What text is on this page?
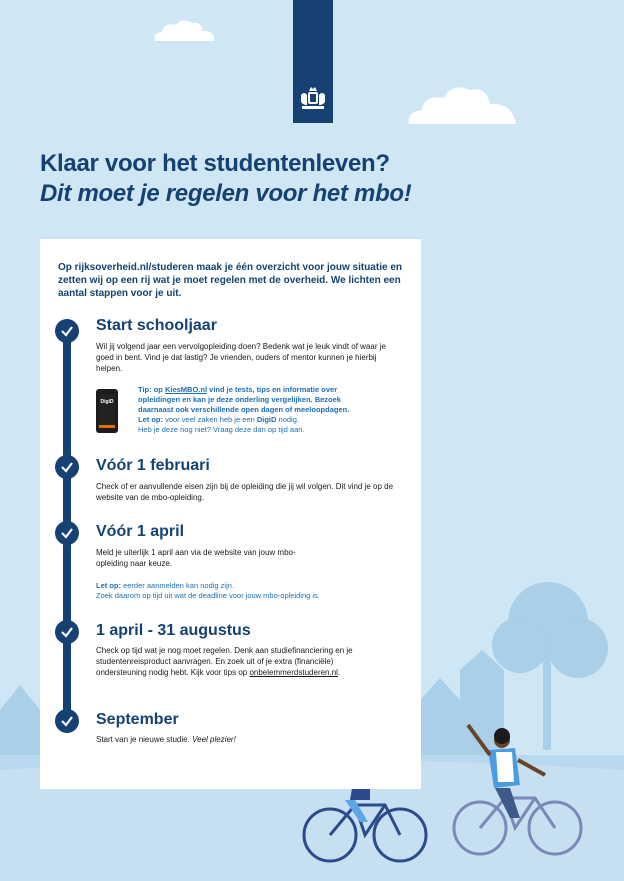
Klaar voor het studentenleven?
Dit moet je regelen voor het mbo!
Op rijksoverheid.nl/studeren maak je één overzicht voor jouw situatie en zetten wij op een rij wat je moet regelen met de overheid. We lichten een aantal stappen voor je uit.
Start schooljaar
Wil jij volgend jaar een vervolgopleiding doen? Bedenk wat je leuk vindt of waar je goed in bent. Vind je dat lastig? Je vrienden, ouders of mentor kunnen je hierbij helpen.
DigiD
Tip: op KiesMBO.nl vind je tests, tips en informatie over opleidingen en kan je deze onderling vergelijken. Bezoek daarnaast ook verschillende open dagen of meeloopdagen.
Let op: voor veel zaken heb je een DigiD nodig.
Heb je deze nog niet? Vraag deze dan op tijd aan.
Vóór 1 februari
Check of er aanvullende eisen zijn bij de opleiding die jij wil volgen. Dit vind je op de website van de mbo-opleiding.
Vóór 1 april
Meld je uiterlijk 1 april aan via de website van jouw mbo-opleiding naar keuze.
Let op: eerder aanmelden kan nodig zijn.
Zoek daarom op tijd uit wat de deadline voor jouw mbo-opleiding is.
1 april - 31 augustus
Check op tijd wat je nog moet regelen. Denk aan studiefinanciering en je studentenreisproduct aanvragen. En zoek uit of je extra (financiële) ondersteuning nodig hebt. Kijk voor tips op onbelemmerdstuderen.nl.
September
Start van je nieuwe studie. Veel plezier!
